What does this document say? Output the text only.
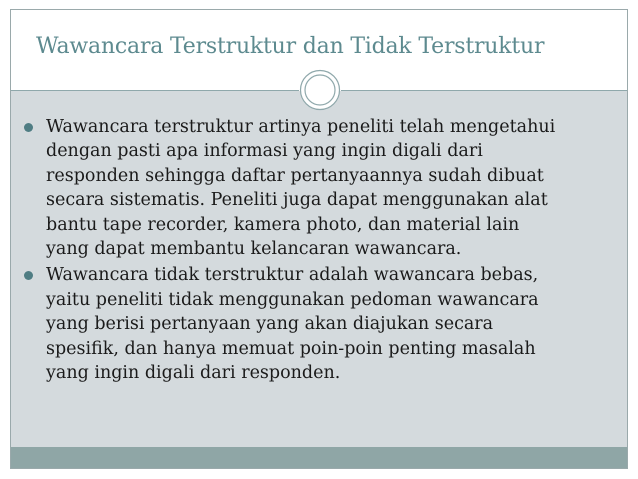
Wawancara Terstruktur dan Tidak Terstruktur
Wawancara terstruktur artinya peneliti telah mengetahui
dengan pasti apa informasi yang ingin digali dari
responden sehingga daftar pertanyaannya sudah dibuat
secara sistematis. Peneliti juga dapat menggunakan alat
bantu tape recorder, kamera photo, dan material lain
yang dapat membantu kelancaran wawancara.
Wawancara tidak terstruktur adalah wawancara bebas,
yaitu peneliti tidak menggunakan pedoman wawancara
yang berisi pertanyaan yang akan diajukan secara
spesifik, dan hanya memuat poin-poin penting masalah
yang ingin digali dari responden.
